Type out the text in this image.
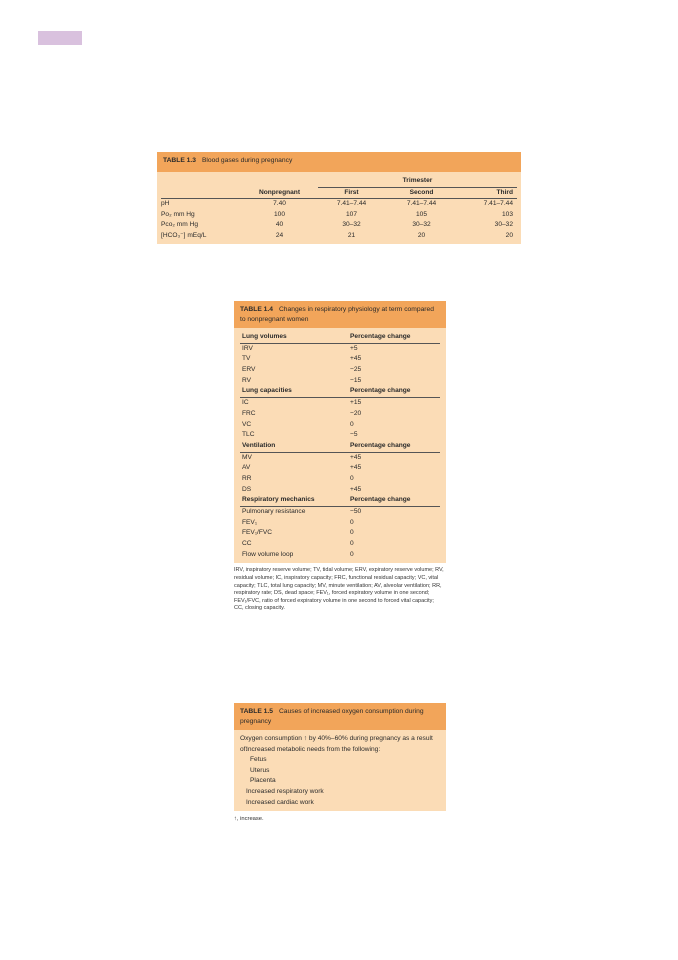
TABLE 1.3 Blood gases during pregnancy
Trimester
Nonpregnant	First	Second	Third
pH	7.40	7.41–7.44	7.41–7.44	7.41–7.44
Po₂ mm Hg	100	107	105	103
Pco₂ mm Hg	40	30–32	30–32	30–32
[HCO₃⁻] mEq/L	24	21	20	20
TABLE 1.4 Changes in respiratory physiology at term compared to nonpregnant women
Lung volumes	Percentage change
IRV	+5
TV	+45
ERV	−25
RV	−15
Lung capacities	Percentage change
IC	+15
FRC	−20
VC	0
TLC	−5
Ventilation	Percentage change
MV	+45
AV	+45
RR	0
DS	+45
Respiratory mechanics	Percentage change
Pulmonary resistance	−50
FEV₁	0
FEV₁/FVC	0
CC	0
Flow volume loop	0
IRV, inspiratory reserve volume; TV, tidal volume; ERV, expiratory reserve volume; RV, residual volume; IC, inspiratory capacity; FRC, functional residual capacity; VC, vital capacity; TLC, total lung capacity; MV, minute ventilation; AV, alveolar ventilation; RR, respiratory rate; DS, dead space; FEV₁, forced expiratory volume in one second; FEV₁/FVC, ratio of forced expiratory volume in one second to forced vital capacity; CC, closing capacity.
TABLE 1.5 Causes of increased oxygen consumption during pregnancy
Oxygen consumption ↑ by 40%–60% during pregnancy as a result of:
Increased metabolic needs from the following:
Fetus
Uterus
Placenta
Increased respiratory work
Increased cardiac work
↑, increase.
